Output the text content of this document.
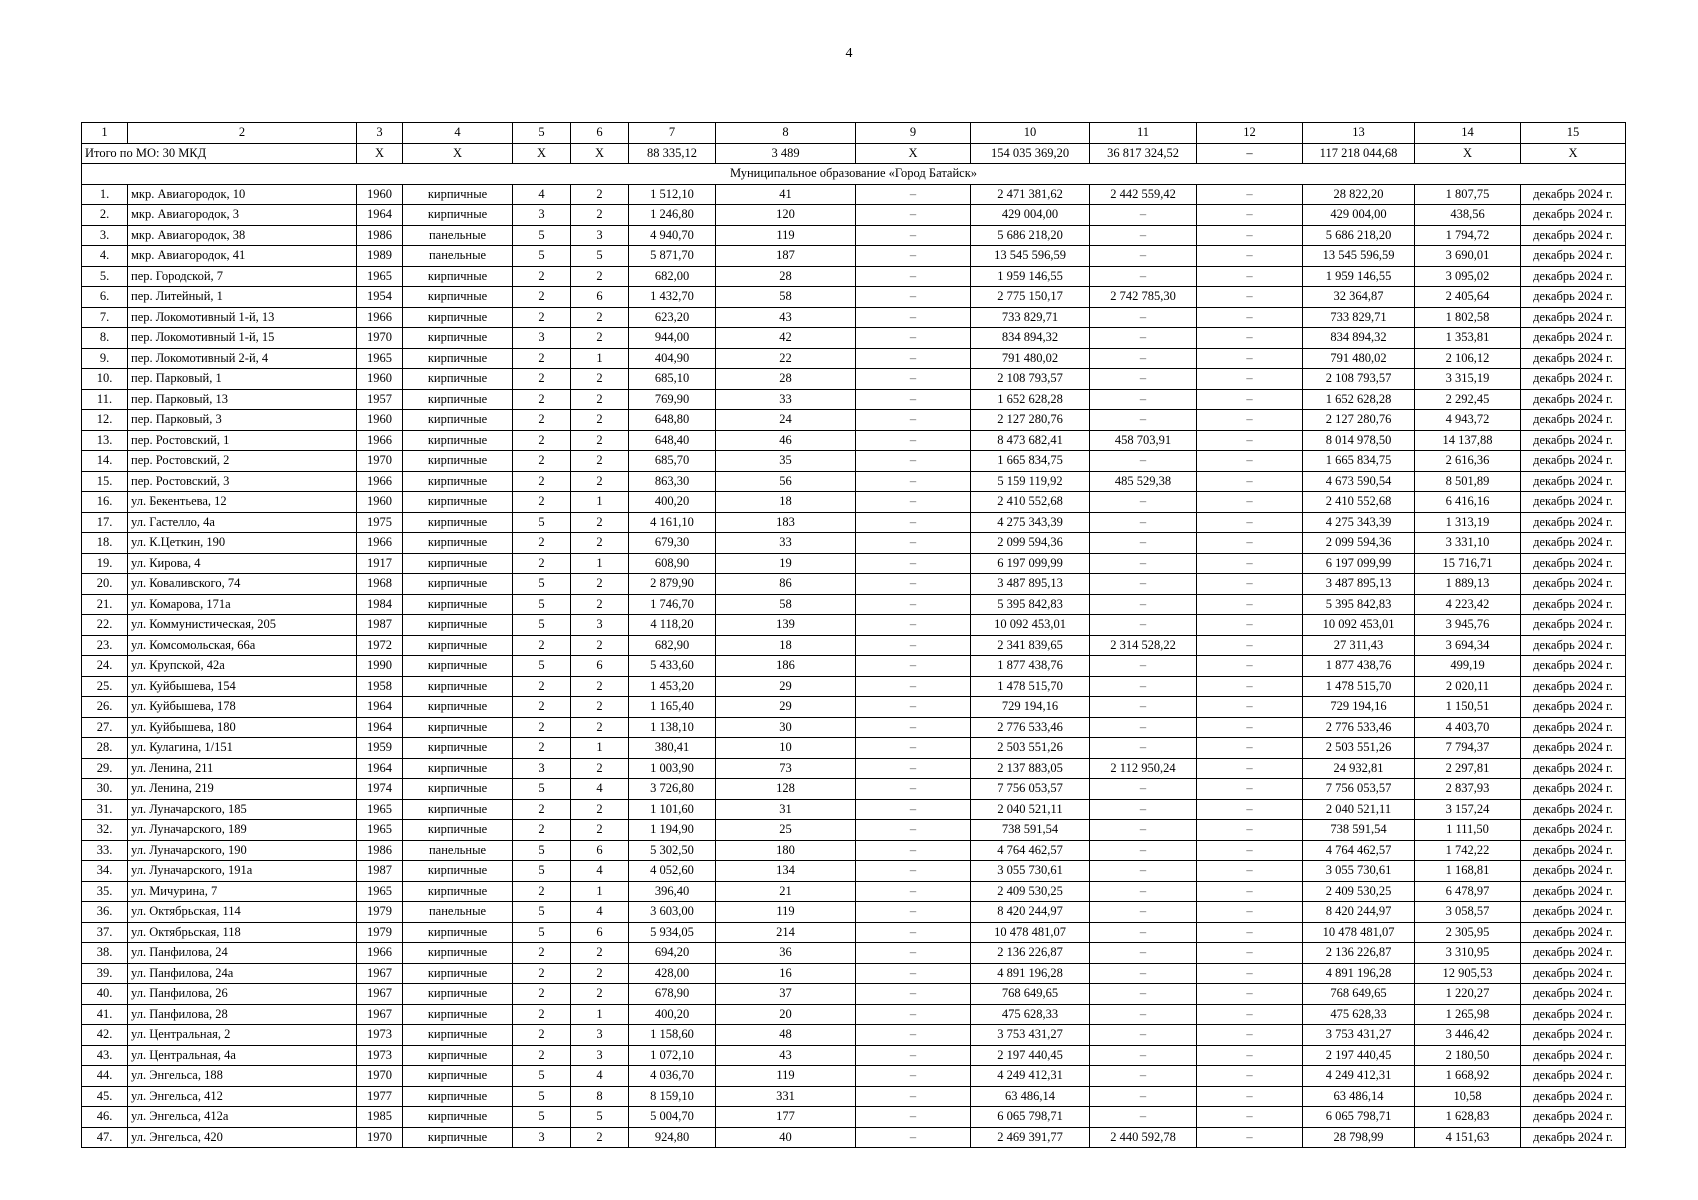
4
1	2	3	4	5	6	7	8	9	10	11	12	13	14	15
Итого по МО: 30 МКД		Х	Х	Х	Х	88 335,12	3 489	Х	154 035 369,20	36 817 324,52	–	117 218 044,68	Х	Х
Муниципальное образование «Город Батайск»														
1.	мкр. Авиагородок, 10	1960	кирпичные	4	2	1 512,10	41	–	2 471 381,62	2 442 559,42	–	28 822,20	1 807,75	декабрь 2024 г.
2.	мкр. Авиагородок, 3	1964	кирпичные	3	2	1 246,80	120	–	429 004,00	–	–	429 004,00	438,56	декабрь 2024 г.
3.	мкр. Авиагородок, 38	1986	панельные	5	3	4 940,70	119	–	5 686 218,20	–	–	5 686 218,20	1 794,72	декабрь 2024 г.
4.	мкр. Авиагородок, 41	1989	панельные	5	5	5 871,70	187	–	13 545 596,59	–	–	13 545 596,59	3 690,01	декабрь 2024 г.
5.	пер. Городской, 7	1965	кирпичные	2	2	682,00	28	–	1 959 146,55	–	–	1 959 146,55	3 095,02	декабрь 2024 г.
6.	пер. Литейный, 1	1954	кирпичные	2	6	1 432,70	58	–	2 775 150,17	2 742 785,30	–	32 364,87	2 405,64	декабрь 2024 г.
7.	пер. Локомотивный 1-й, 13	1966	кирпичные	2	2	623,20	43	–	733 829,71	–	–	733 829,71	1 802,58	декабрь 2024 г.
8.	пер. Локомотивный 1-й, 15	1970	кирпичные	3	2	944,00	42	–	834 894,32	–	–	834 894,32	1 353,81	декабрь 2024 г.
9.	пер. Локомотивный 2-й, 4	1965	кирпичные	2	1	404,90	22	–	791 480,02	–	–	791 480,02	2 106,12	декабрь 2024 г.
10.	пер. Парковый, 1	1960	кирпичные	2	2	685,10	28	–	2 108 793,57	–	–	2 108 793,57	3 315,19	декабрь 2024 г.
11.	пер. Парковый, 13	1957	кирпичные	2	2	769,90	33	–	1 652 628,28	–	–	1 652 628,28	2 292,45	декабрь 2024 г.
12.	пер. Парковый, 3	1960	кирпичные	2	2	648,80	24	–	2 127 280,76	–	–	2 127 280,76	4 943,72	декабрь 2024 г.
13.	пер. Ростовский, 1	1966	кирпичные	2	2	648,40	46	–	8 473 682,41	458 703,91	–	8 014 978,50	14 137,88	декабрь 2024 г.
14.	пер. Ростовский, 2	1970	кирпичные	2	2	685,70	35	–	1 665 834,75	–	–	1 665 834,75	2 616,36	декабрь 2024 г.
15.	пер. Ростовский, 3	1966	кирпичные	2	2	863,30	56	–	5 159 119,92	485 529,38	–	4 673 590,54	8 501,89	декабрь 2024 г.
16.	ул. Бекентьева, 12	1960	кирпичные	2	1	400,20	18	–	2 410 552,68	–	–	2 410 552,68	6 416,16	декабрь 2024 г.
17.	ул. Гастелло, 4а	1975	кирпичные	5	2	4 161,10	183	–	4 275 343,39	–	–	4 275 343,39	1 313,19	декабрь 2024 г.
18.	ул. К.Цеткин, 190	1966	кирпичные	2	2	679,30	33	–	2 099 594,36	–	–	2 099 594,36	3 331,10	декабрь 2024 г.
19.	ул. Кирова, 4	1917	кирпичные	2	1	608,90	19	–	6 197 099,99	–	–	6 197 099,99	15 716,71	декабрь 2024 г.
20.	ул. Коваливского, 74	1968	кирпичные	5	2	2 879,90	86	–	3 487 895,13	–	–	3 487 895,13	1 889,13	декабрь 2024 г.
21.	ул. Комарова, 171а	1984	кирпичные	5	2	1 746,70	58	–	5 395 842,83	–	–	5 395 842,83	4 223,42	декабрь 2024 г.
22.	ул. Коммунистическая, 205	1987	кирпичные	5	3	4 118,20	139	–	10 092 453,01	–	–	10 092 453,01	3 945,76	декабрь 2024 г.
23.	ул. Комсомольская, 66а	1972	кирпичные	2	2	682,90	18	–	2 341 839,65	2 314 528,22	–	27 311,43	3 694,34	декабрь 2024 г.
24.	ул. Крупской, 42а	1990	кирпичные	5	6	5 433,60	186	–	1 877 438,76	–	–	1 877 438,76	499,19	декабрь 2024 г.
25.	ул. Куйбышева, 154	1958	кирпичные	2	2	1 453,20	29	–	1 478 515,70	–	–	1 478 515,70	2 020,11	декабрь 2024 г.
26.	ул. Куйбышева, 178	1964	кирпичные	2	2	1 165,40	29	–	729 194,16	–	–	729 194,16	1 150,51	декабрь 2024 г.
27.	ул. Куйбышева, 180	1964	кирпичные	2	2	1 138,10	30	–	2 776 533,46	–	–	2 776 533,46	4 403,70	декабрь 2024 г.
28.	ул. Кулагина, 1/151	1959	кирпичные	2	1	380,41	10	–	2 503 551,26	–	–	2 503 551,26	7 794,37	декабрь 2024 г.
29.	ул. Ленина, 211	1964	кирпичные	3	2	1 003,90	73	–	2 137 883,05	2 112 950,24	–	24 932,81	2 297,81	декабрь 2024 г.
30.	ул. Ленина, 219	1974	кирпичные	5	4	3 726,80	128	–	7 756 053,57	–	–	7 756 053,57	2 837,93	декабрь 2024 г.
31.	ул. Луначарского, 185	1965	кирпичные	2	2	1 101,60	31	–	2 040 521,11	–	–	2 040 521,11	3 157,24	декабрь 2024 г.
32.	ул. Луначарского, 189	1965	кирпичные	2	2	1 194,90	25	–	738 591,54	–	–	738 591,54	1 111,50	декабрь 2024 г.
33.	ул. Луначарского, 190	1986	панельные	5	6	5 302,50	180	–	4 764 462,57	–	–	4 764 462,57	1 742,22	декабрь 2024 г.
34.	ул. Луначарского, 191а	1987	кирпичные	5	4	4 052,60	134	–	3 055 730,61	–	–	3 055 730,61	1 168,81	декабрь 2024 г.
35.	ул. Мичурина, 7	1965	кирпичные	2	1	396,40	21	–	2 409 530,25	–	–	2 409 530,25	6 478,97	декабрь 2024 г.
36.	ул. Октябрьская, 114	1979	панельные	5	4	3 603,00	119	–	8 420 244,97	–	–	8 420 244,97	3 058,57	декабрь 2024 г.
37.	ул. Октябрьская, 118	1979	кирпичные	5	6	5 934,05	214	–	10 478 481,07	–	–	10 478 481,07	2 305,95	декабрь 2024 г.
38.	ул. Панфилова, 24	1966	кирпичные	2	2	694,20	36	–	2 136 226,87	–	–	2 136 226,87	3 310,95	декабрь 2024 г.
39.	ул. Панфилова, 24а	1967	кирпичные	2	2	428,00	16	–	4 891 196,28	–	–	4 891 196,28	12 905,53	декабрь 2024 г.
40.	ул. Панфилова, 26	1967	кирпичные	2	2	678,90	37	–	768 649,65	–	–	768 649,65	1 220,27	декабрь 2024 г.
41.	ул. Панфилова, 28	1967	кирпичные	2	1	400,20	20	–	475 628,33	–	–	475 628,33	1 265,98	декабрь 2024 г.
42.	ул. Центральная, 2	1973	кирпичные	2	3	1 158,60	48	–	3 753 431,27	–	–	3 753 431,27	3 446,42	декабрь 2024 г.
43.	ул. Центральная, 4а	1973	кирпичные	2	3	1 072,10	43	–	2 197 440,45	–	–	2 197 440,45	2 180,50	декабрь 2024 г.
44.	ул. Энгельса, 188	1970	кирпичные	5	4	4 036,70	119	–	4 249 412,31	–	–	4 249 412,31	1 668,92	декабрь 2024 г.
45.	ул. Энгельса, 412	1977	кирпичные	5	8	8 159,10	331	–	63 486,14	–	–	63 486,14	10,58	декабрь 2024 г.
46.	ул. Энгельса, 412а	1985	кирпичные	5	5	5 004,70	177	–	6 065 798,71	–	–	6 065 798,71	1 628,83	декабрь 2024 г.
47.	ул. Энгельса, 420	1970	кирпичные	3	2	924,80	40	–	2 469 391,77	2 440 592,78	–	28 798,99	4 151,63	декабрь 2024 г.
